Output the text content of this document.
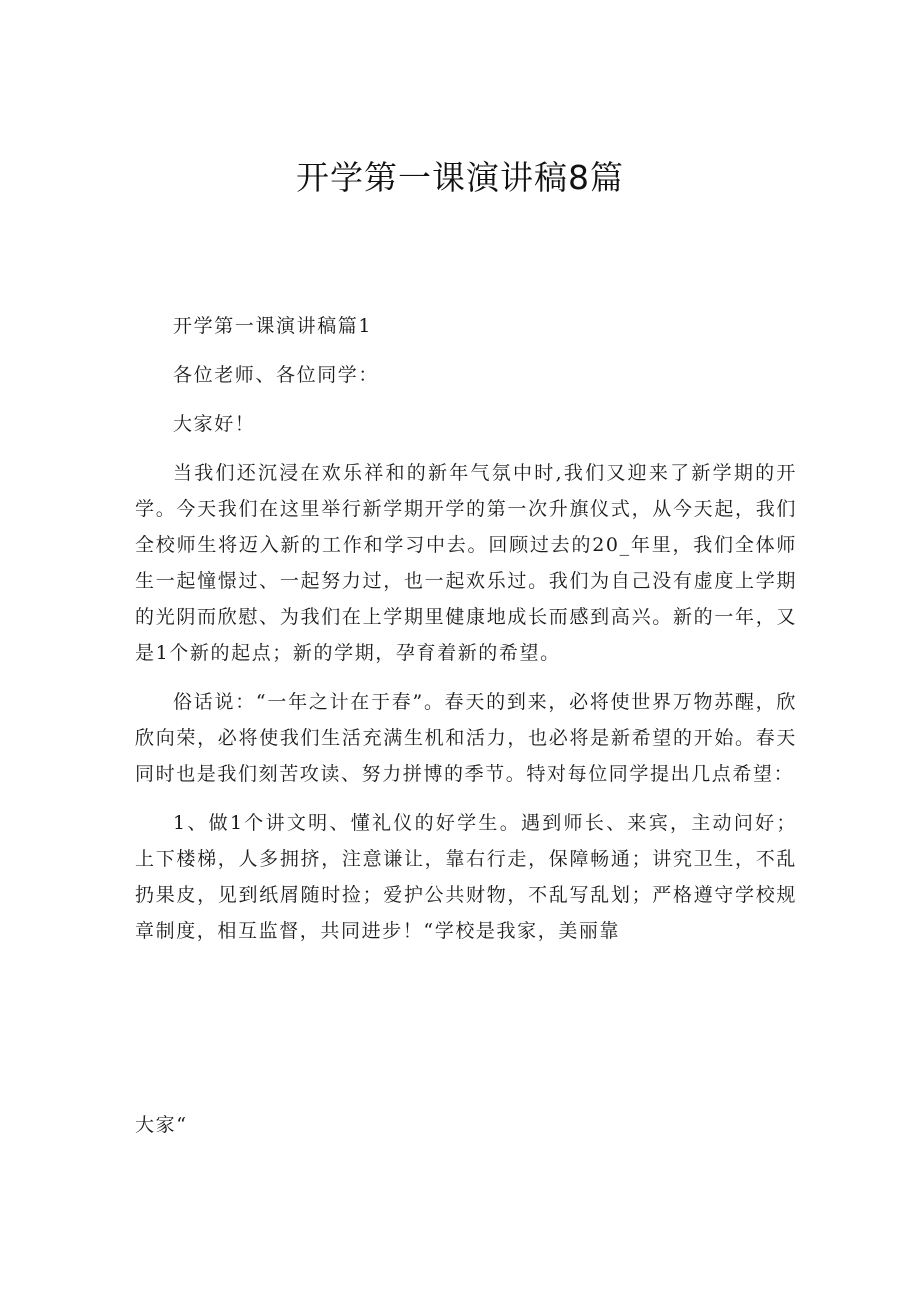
开学第一课演讲稿8篇

开学第一课演讲稿篇1

各位老师、各位同学：

大家好！

当我们还沉浸在欢乐祥和的新年气氛中时,我们又迎来了新学期的开学。今天我们在这里举行新学期开学的第一次升旗仪式，从今天起，我们全校师生将迈入新的工作和学习中去。回顾过去的20_年里，我们全体师生一起憧憬过、一起努力过，也一起欢乐过。我们为自己没有虚度上学期的光阴而欣慰、为我们在上学期里健康地成长而感到高兴。新的一年，又是1个新的起点；新的学期，孕育着新的希望。

俗话说：“一年之计在于春”。春天的到来，必将使世界万物苏醒，欣欣向荣，必将使我们生活充满生机和活力，也必将是新希望的开始。春天同时也是我们刻苦攻读、努力拼博的季节。特对每位同学提出几点希望：

1、做1个讲文明、懂礼仪的好学生。遇到师长、来宾，主动问好；上下楼梯，人多拥挤，注意谦让，靠右行走，保障畅通；讲究卫生，不乱扔果皮，见到纸屑随时捡；爱护公共财物，不乱写乱划；严格遵守学校规章制度，相互监督，共同进步！“学校是我家，美丽靠

大家“
